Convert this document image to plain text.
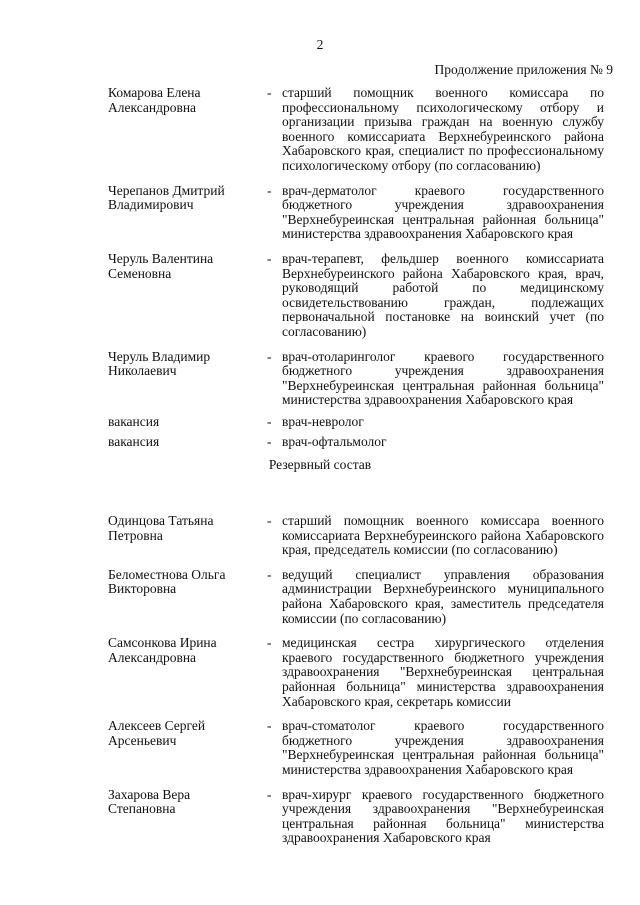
2
Продолжение приложения № 9
Комарова Елена Александровна
- старший помощник военного комиссара по профессиональному психологическому отбору и организации призыва граждан на военную службу военного комиссариата Верхнебуреинского района Хабаровского края, специалист по профессиональному психологическому отбору (по согласованию)
Черепанов Дмитрий Владимирович
- врач-дерматолог краевого государственного бюджетного учреждения здравоохранения "Верхнебуреинская центральная районная больница" министерства здравоохранения Хабаровского края
Черуль Валентина Семеновна
- врач-терапевт, фельдшер военного комиссариата Верхнебуреинского района Хабаровского края, врач, руководящий работой по медицинскому освидетельствованию граждан, подлежащих первоначальной постановке на воинский учет (по согласованию)
Черуль Владимир Николаевич
- врач-отоларинголог краевого государственного бюджетного учреждения здравоохранения "Верхнебуреинская центральная районная больница" министерства здравоохранения Хабаровского края
вакансия	- врач-невролог
вакансия	- врач-офтальмолог
Резервный состав
Одинцова Татьяна Петровна
- старший помощник военного комиссара военного комиссариата Верхнебуреинского района Хабаровского края, председатель комиссии (по согласованию)
Беломестнова Ольга Викторовна
- ведущий специалист управления образования администрации Верхнебуреинского муниципального района Хабаровского края, заместитель председателя комиссии (по согласованию)
Самсонкова Ирина Александровна
- медицинская сестра хирургического отделения краевого государственного бюджетного учреждения здравоохранения "Верхнебуреинская центральная районная больница" министерства здравоохранения Хабаровского края, секретарь комиссии
Алексеев Сергей Арсеньевич
- врач-стоматолог краевого государственного бюджетного учреждения здравоохранения "Верхнебуреинская центральная районная больница" министерства здравоохранения Хабаровского края
Захарова Вера Степановна
- врач-хирург краевого государственного бюджетного учреждения здравоохранения "Верхнебуреинская центральная районная больница" министерства здравоохранения Хабаровского края
